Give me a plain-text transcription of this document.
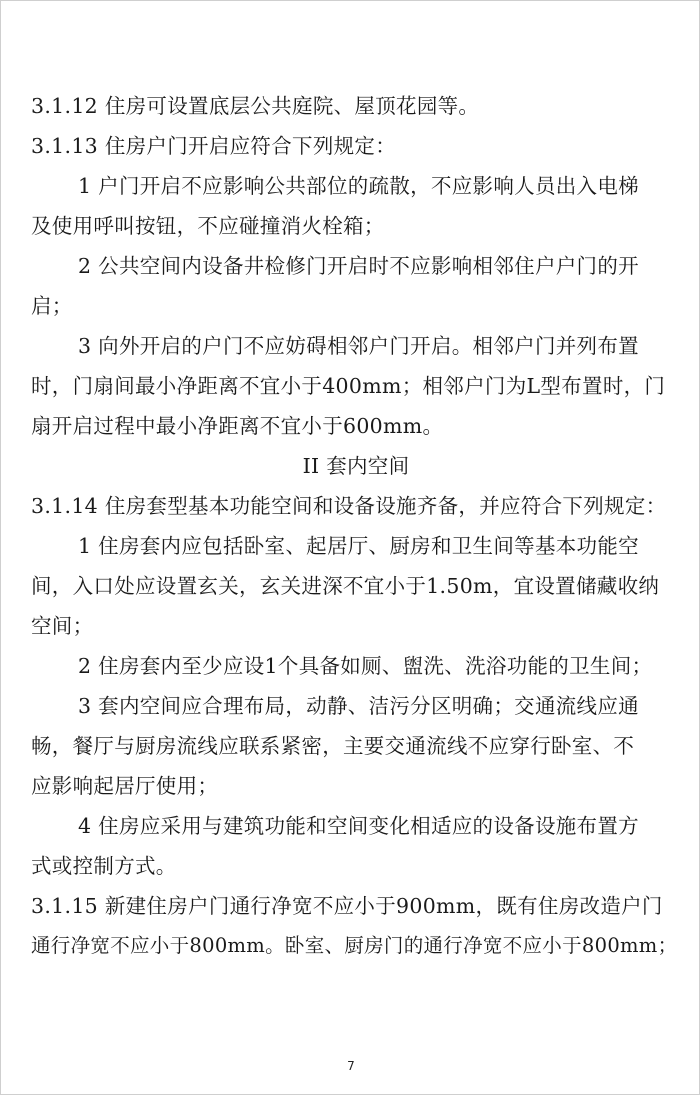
3.1.12 住房可设置底层公共庭院、屋顶花园等。
3.1.13 住房户门开启应符合下列规定：
1 户门开启不应影响公共部位的疏散，不应影响人员出入电梯
及使用呼叫按钮，不应碰撞消火栓箱；
2 公共空间内设备井检修门开启时不应影响相邻住户户门的开
启；
3 向外开启的户门不应妨碍相邻户门开启。相邻户门并列布置
时，门扇间最小净距离不宜小于400mm；相邻户门为L型布置时，门
扇开启过程中最小净距离不宜小于600mm。
II 套内空间
3.1.14 住房套型基本功能空间和设备设施齐备，并应符合下列规定：
1 住房套内应包括卧室、起居厅、厨房和卫生间等基本功能空
间，入口处应设置玄关，玄关进深不宜小于1.50m，宜设置储藏收纳
空间；
2 住房套内至少应设1个具备如厕、盥洗、洗浴功能的卫生间；
3 套内空间应合理布局，动静、洁污分区明确；交通流线应通
畅，餐厅与厨房流线应联系紧密，主要交通流线不应穿行卧室、不
应影响起居厅使用；
4 住房应采用与建筑功能和空间变化相适应的设备设施布置方
式或控制方式。
3.1.15 新建住房户门通行净宽不应小于900mm，既有住房改造户门
通行净宽不应小于800mm。卧室、厨房门的通行净宽不应小于800mm；
7
